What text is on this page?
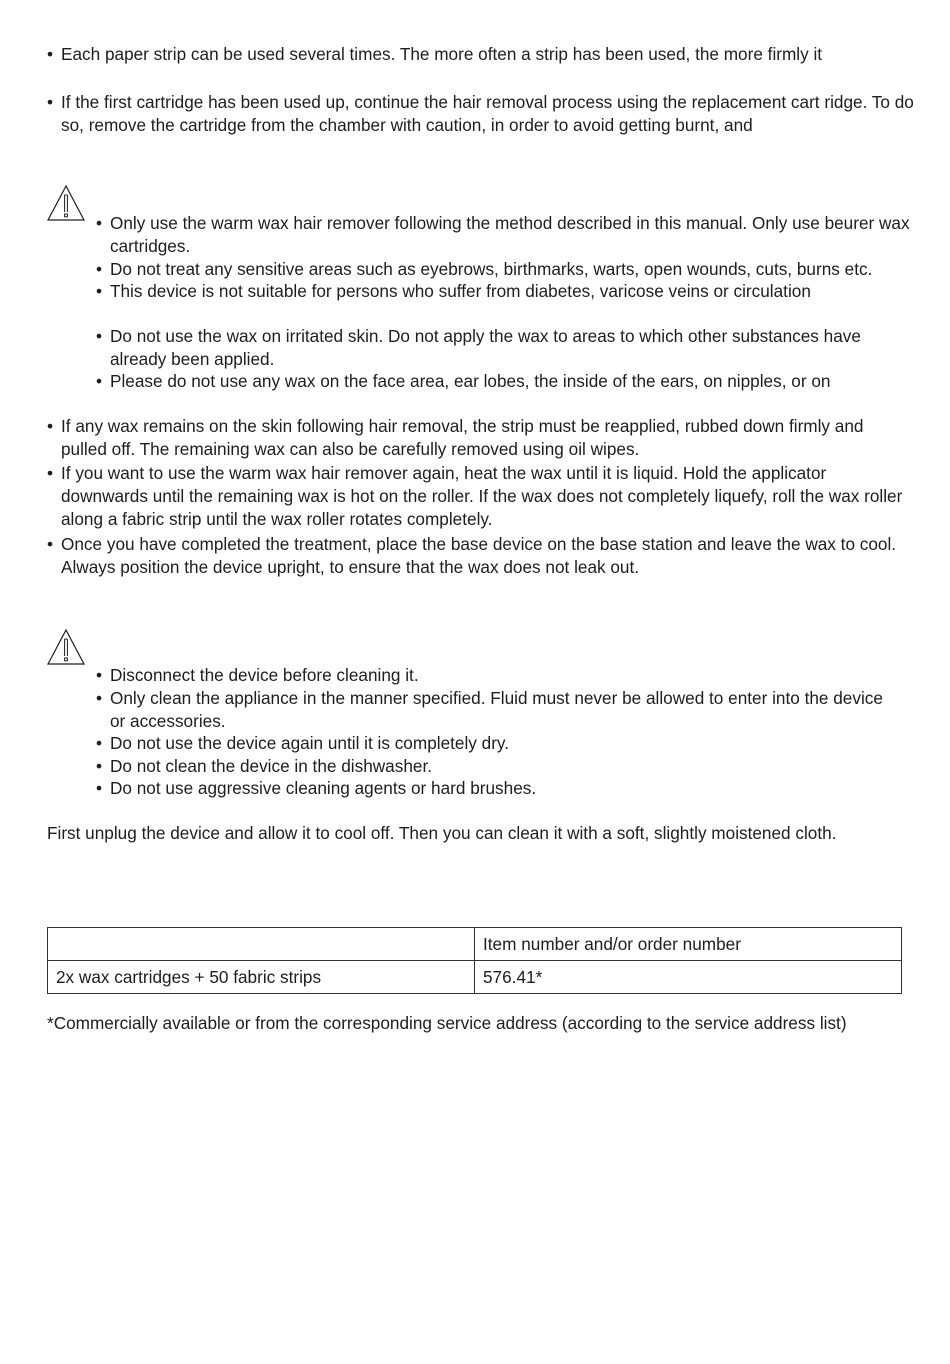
• Each paper strip can be used several times. The more often a strip has been used, the more firmly it

• If the first cartridge has been used up, continue the hair removal process using the replacement cart ridge. To do so, remove the cartridge from the chamber with caution, in order to avoid getting burnt, and

• Only use the warm wax hair remover following the method described in this manual. Only use beurer wax cartridges.

• Do not treat any sensitive areas such as eyebrows, birthmarks, warts, open wounds, cuts, burns etc.

• This device is not suitable for persons who suffer from diabetes, varicose veins or circulation

• Do not use the wax on irritated skin. Do not apply the wax to areas to which other substances have already been applied.

• Please do not use any wax on the face area, ear lobes, the inside of the ears, on nipples, or on

• If any wax remains on the skin following hair removal, the strip must be reapplied, rubbed down firmly and pulled off. The remaining wax can also be carefully removed using oil wipes.

• If you want to use the warm wax hair remover again, heat the wax until it is liquid. Hold the applicator downwards until the remaining wax is hot on the roller. If the wax does not completely liquefy, roll the wax roller along a fabric strip until the wax roller rotates completely.

• Once you have completed the treatment, place the base device on the base station and leave the wax to cool. Always position the device upright, to ensure that the wax does not leak out.

• Disconnect the device before cleaning it.

• Only clean the appliance in the manner specified. Fluid must never be allowed to enter into the device or accessories.

• Do not use the device again until it is completely dry.

• Do not clean the device in the dishwasher.

• Do not use aggressive cleaning agents or hard brushes.

First unplug the device and allow it to cool off. Then you can clean it with a soft, slightly moistened cloth.

	Item number and/or order number
2x wax cartridges + 50 fabric strips	576.41*

*Commercially available or from the corresponding service address (according to the service address list)
